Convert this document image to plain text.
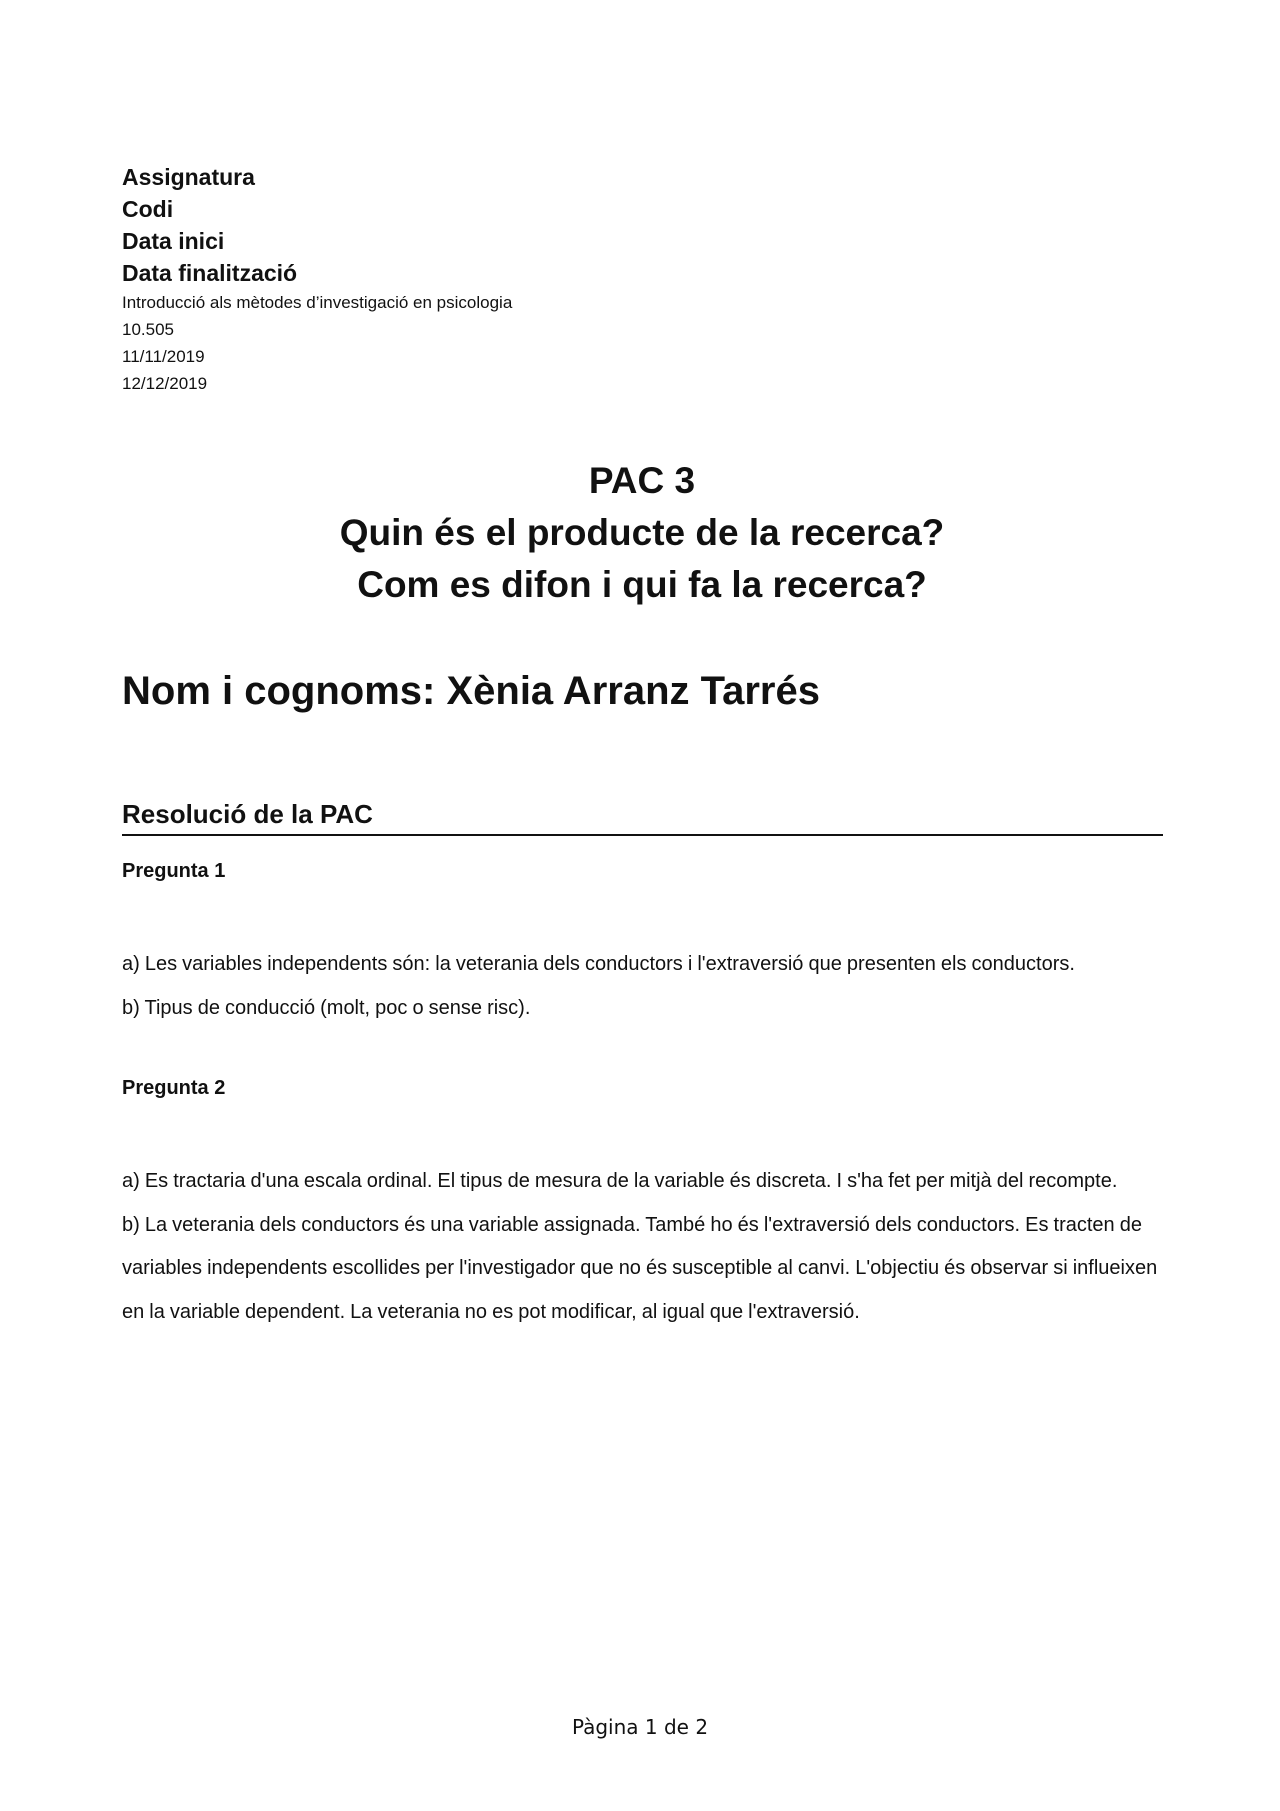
Assignatura
Codi
Data inici
Data finalització
Introducció als mètodes d’investigació en psicologia
10.505
11/11/2019
12/12/2019
PAC 3
Quin és el producte de la recerca?
Com es difon i qui fa la recerca?
Nom i cognoms: Xènia Arranz Tarrés
Resolució de la PAC
Pregunta 1

a) Les variables independents són: la veterania dels conductors i l'extraversió que presenten els conductors.

b) Tipus de conducció (molt, poc o sense risc).

Pregunta 2

a) Es tractaria d'una escala ordinal. El tipus de mesura de la variable és discreta. I s'ha fet per mitjà del recompte.

b) La veterania dels conductors és una variable assignada. També ho és l'extraversió dels conductors. Es tracten de variables independents escollides per l'investigador que no és susceptible al canvi. L'objectiu és observar si influeixen en la variable dependent. La veterania no es pot modificar, al igual que l'extraversió.

Pàgina 1 de 2
